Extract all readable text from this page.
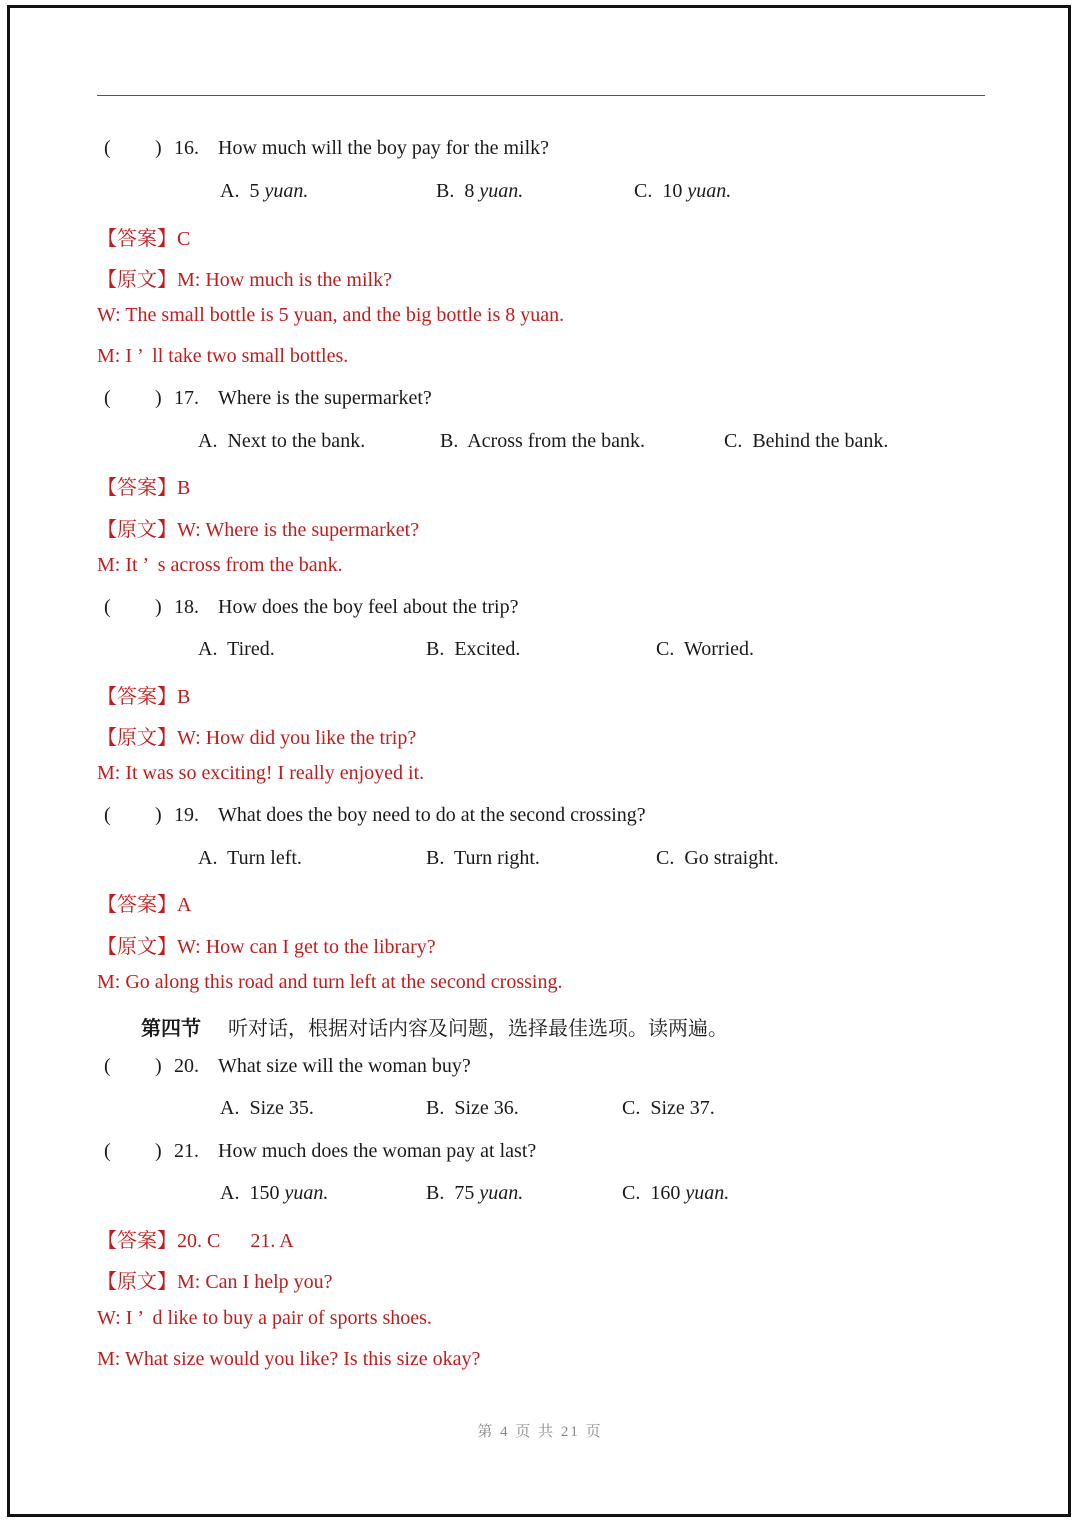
( ) 16. How much will the boy pay for the milk?
A. 5 yuan.	B. 8 yuan.	C. 10 yuan.
【答案】C
【原文】M: How much is the milk?
W: The small bottle is 5 yuan, and the big bottle is 8 yuan.
M: I ’  ll take two small bottles.
( ) 17. Where is the supermarket?
A.  Next to the bank.	B.  Across from the bank.	C.  Behind the bank.
【答案】B
【原文】W: Where is the supermarket?
M: It ’  s across from the bank.
( ) 18. How does the boy feel about the trip?
A.  Tired.	B.  Excited.	C.  Worried.
【答案】B
【原文】W: How did you like the trip?
M: It was so exciting! I really enjoyed it.
( ) 19. What does the boy need to do at the second crossing?
A.  Turn left.	B.  Turn right.	C.  Go straight.
【答案】A
【原文】W: How can I get to the library?
M: Go along this road and turn left at the second crossing.
第四节 听对话，根据对话内容及问题，选择最佳选项。读两遍。
( ) 20. What size will the woman buy?
A.  Size 35.	B.  Size 36.	C.  Size 37.
( ) 21. How much does the woman pay at last?
A. 150 yuan.	B. 75 yuan.	C. 160 yuan.
【答案】20. C      21. A
【原文】M: Can I help you?
W: I ’  d like to buy a pair of sports shoes.
M: What size would you like? Is this size okay?
第 4 页 共 21 页
